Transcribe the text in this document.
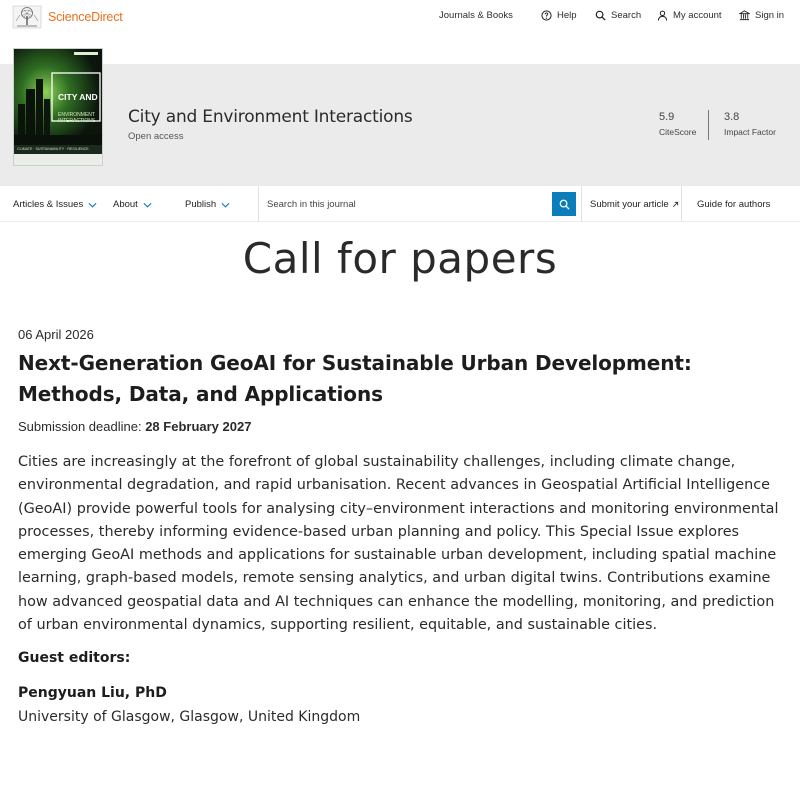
ScienceDirect	Journals & Books	Help	Search	My account	Sign in
CITY AND
ENVIRONMENT
INTERACTIONS
CLIMATE · SUSTAINABILITY · RESILIENCE
City and Environment Interactions
Open access
5.9
CiteScore
3.8
Impact Factor
Articles & Issues	About	Publish
Search in this journal	Submit your article	Guide for authors
Call for papers
06 April 2026
Next-Generation GeoAI for Sustainable Urban Development: Methods, Data, and Applications
Submission deadline: 28 February 2027
Cities are increasingly at the forefront of global sustainability challenges, including climate change, environmental degradation, and rapid urbanisation. Recent advances in Geospatial Artificial Intelligence (GeoAI) provide powerful tools for analysing city–environment interactions and monitoring environmental processes, thereby informing evidence-based urban planning and policy. This Special Issue explores emerging GeoAI methods and applications for sustainable urban development, including spatial machine learning, graph-based models, remote sensing analytics, and urban digital twins. Contributions examine how advanced geospatial data and AI techniques can enhance the modelling, monitoring, and prediction of urban environmental dynamics, supporting resilient, equitable, and sustainable cities.
Guest editors:
Pengyuan Liu, PhD
University of Glasgow, Glasgow, United Kingdom
